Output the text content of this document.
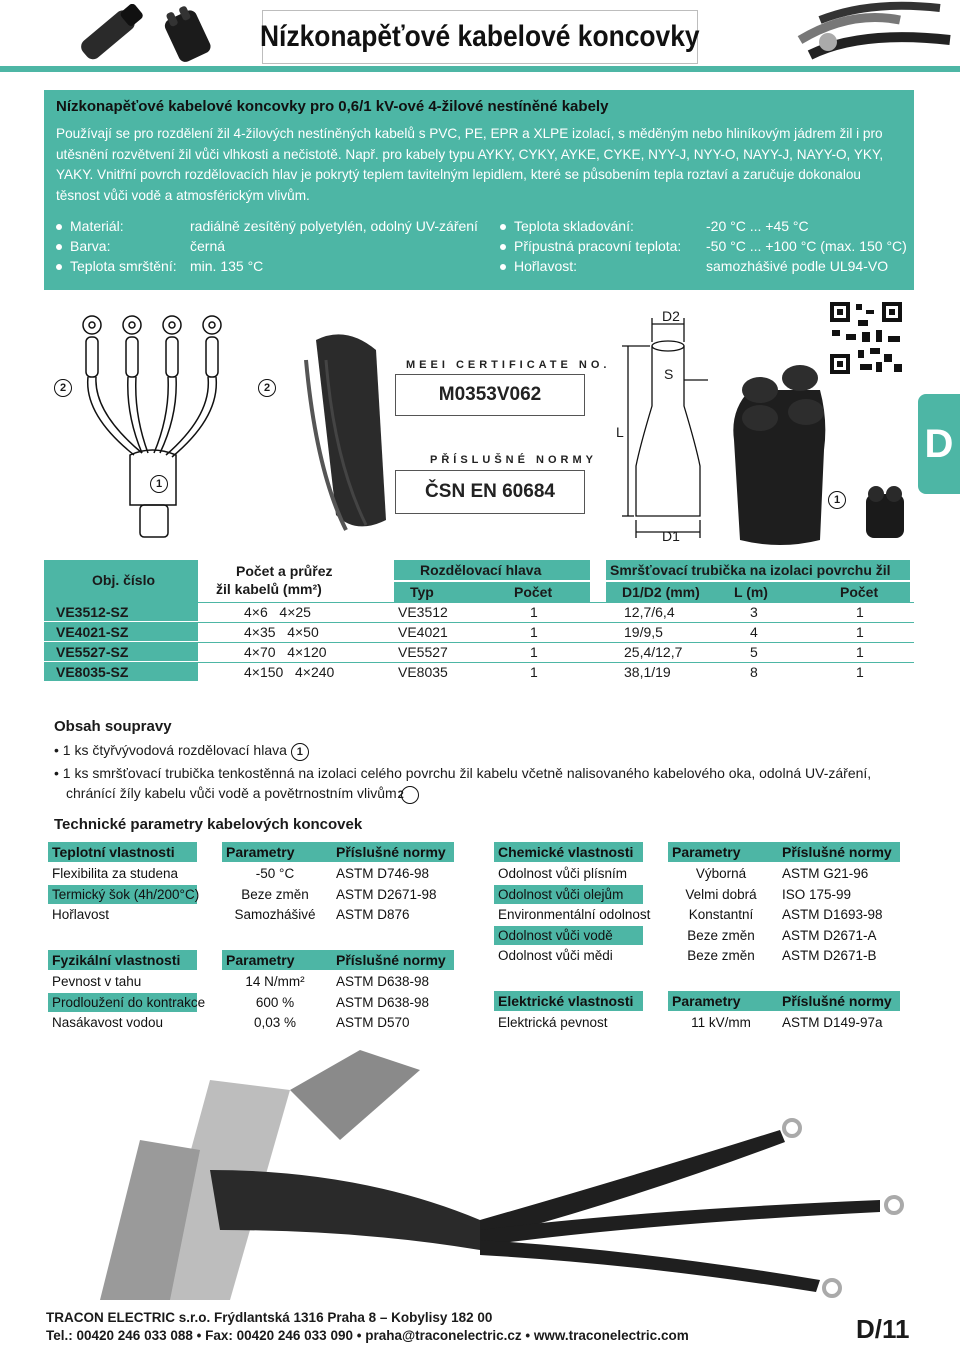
Nízkonapěťové kabelové koncovky
Nízkonapěťové kabelové koncovky pro 0,6/1 kV-ové 4-žilové nestíněné kabely
Používají se pro rozdělení žil 4-žilových nestíněných kabelů s PVC, PE, EPR a XLPE izolací, s měděným nebo hliníkovým jádrem žil i pro utěsnění rozvětvení žil vůči vlhkosti a nečistotě. Např. pro kabely typu AYKY, CYKY, AYKE, CYKE, NYY-J, NYY-O, NAYY-J, NAYY-O, YKY, YAKY. Vnitřní povrch rozdělovacích hlav je pokrytý teplem tavitelným lepidlem, které se působením tepla roztaví a zaručuje dokonalou těsnost vůči vodě a atmosférickým vlivům.
Materiál:	radiálně zesítěný polyetylén, odolný UV-záření
Barva:	černá
Teplota smrštění: min. 135 °C
Teplota skladování:	-20 °C ... +45 °C
Přípustná pracovní teplota: -50 °C ... +100 °C (max. 150 °C)
Hořlavost:	samozhášivé podle UL94-VO
2	2
1
MEEI CERTIFICATE NO.
M0353V062
PŘÍSLUŠNÉ NORMY
ČSN EN 60684
D2
S
L
D1
1
D
Obj. číslo
Počet a průřez
žil kabelů (mm²)
Rozdělovací hlava
Typ	Počet
Smršťovací trubička na izolaci povrchu žil
D1/D2 (mm) L (m)	Počet
VE3512-SZ	4×6   4×25	VE3512	1	12,7/6,4	3	1
VE4021-SZ	4×35   4×50	VE4021	1	19/9,5	4	1
VE5527-SZ	4×70   4×120	VE5527	1	25,4/12,7	5	1
VE8035-SZ	4×150   4×240	VE8035	1	38,1/19	8	1
Obsah soupravy
• 1 ks čtyřvývodová rozdělovací hlava 1
• 1 ks smršťovací trubička tenkostěnná na izolaci celého povrchu žil kabelu včetně nalisovaného kabelového oka, odolná UV-záření, chránící žíly kabelu vůči vodě a povětrnostním vlivům 2
Technické parametry kabelových koncovek
Teplotní vlastnosti	Parametry	Příslušné normy
Flexibilita za studena	-50 °C	ASTM D746-98
Termický šok (4h/200°C)	Beze změn	ASTM D2671-98
Hořlavost	Samozhášivé	ASTM D876
Fyzikální vlastnosti	Parametry	Příslušné normy
Pevnost v tahu	14 N/mm²	ASTM D638-98
Prodloužení do kontrakce	600 %	ASTM D638-98
Nasákavost vodou	0,03 %	ASTM D570
Chemické vlastnosti	Parametry	Příslušné normy
Odolnost vůči plísním	Výborná	ASTM G21-96
Odolnost vůči olejům	Velmi dobrá	ISO 175-99
Environmentální odolnost	Konstantní	ASTM D1693-98
Odolnost vůči vodě	Beze změn	ASTM D2671-A
Odolnost vůči mědi	Beze změn	ASTM D2671-B
Elektrické vlastnosti	Parametry	Příslušné normy
Elektrická pevnost	11 kV/mm	ASTM D149-97a
TRACON ELECTRIC s.r.o. Frýdlantská 1316 Praha 8 – Kobylisy 182 00
Tel.: 00420 246 033 088 • Fax: 00420 246 033 090 • praha@traconelectric.cz • www.traconelectric.com	D/11
